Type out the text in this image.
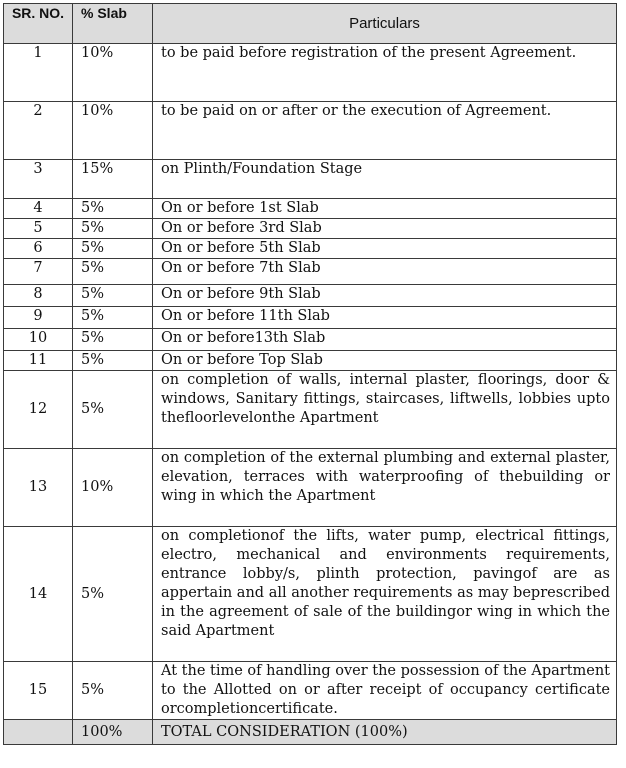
SR. NO.	% Slab	Particulars
1	10%	to be paid before registration of the present Agreement.
2	10%	to be paid on or after or the execution of Agreement.
3	15%	on Plinth/Foundation Stage
4	5%	On or before 1st Slab
5	5%	On or before 3rd Slab
6	5%	On or before 5th Slab
7	5%	On or before 7th Slab
8	5%	On or before 9th Slab
9	5%	On or before 11th Slab
10	5%	On or before13th Slab
11	5%	On or before Top Slab
12	5%	on completion of walls, internal plaster, floorings, door & windows, Sanitary fittings, staircases, liftwells, lobbies upto thefloorlevelonthe Apartment
13	10%	on completion of the external plumbing and external plaster, elevation, terraces with waterproofing of thebuilding or wing in which the Apartment
14	5%	on completionof the lifts, water pump, electrical fittings, electro, mechanical and environments requirements, entrance lobby/s, plinth protection, pavingof are as appertain and all another requirements as may beprescribed in the agreement of sale of the buildingor wing in which the said Apartment
15	5%	At the time of handling over the possession of the Apartment to the Allotted on or after receipt of occupancy certificate orcompletioncertificate.
	100%	TOTAL CONSIDERATION (100%)
